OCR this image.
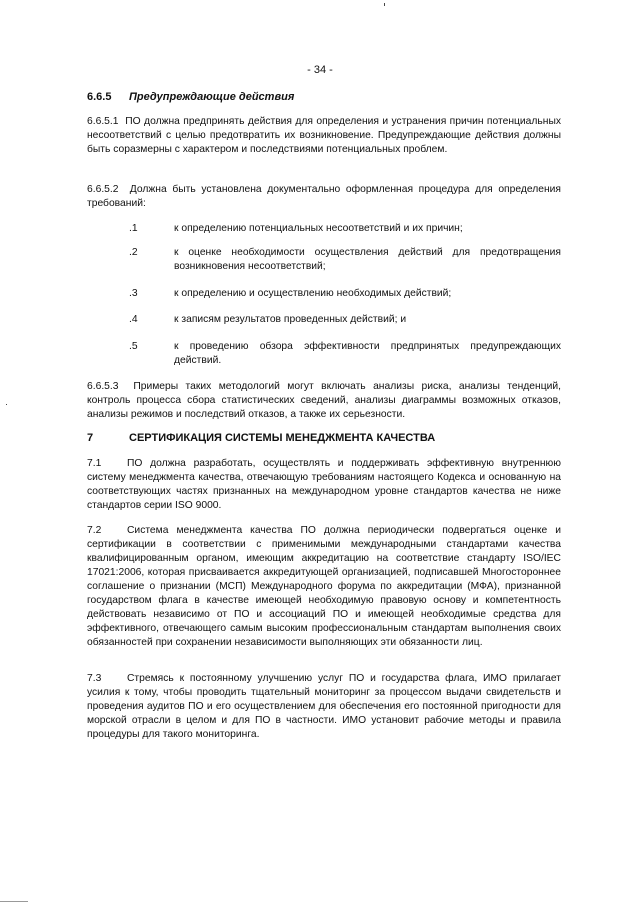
- 34 -
6.6.5 Предупреждающие действия
6.6.5.1 ПО должна предпринять действия для определения и устранения причин потенциальных несоответствий с целью предотвратить их возникновение. Предупреждающие действия должны быть соразмерны с характером и последствиями потенциальных проблем.
6.6.5.2 Должна быть установлена документально оформленная процедура для определения требований:
.1	к определению потенциальных несоответствий и их причин;
.2	к оценке необходимости осуществления действий для предотвращения возникновения несоответствий;
.3	к определению и осуществлению необходимых действий;
.4	к записям результатов проведенных действий; и
.5	к проведению обзора эффективности предпринятых предупреждающих действий.
6.6.5.3 Примеры таких методологий могут включать анализы риска, анализы тенденций, контроль процесса сбора статистических сведений, анализы диаграммы возможных отказов, анализы режимов и последствий отказов, а также их серьезности.
7	СЕРТИФИКАЦИЯ СИСТЕМЫ МЕНЕДЖМЕНТА КАЧЕСТВА
7.1 ПО должна разработать, осуществлять и поддерживать эффективную внутреннюю систему менеджмента качества, отвечающую требованиям настоящего Кодекса и основанную на соответствующих частях признанных на международном уровне стандартов качества не ниже стандартов серии ISO 9000.
7.2 Система менеджмента качества ПО должна периодически подвергаться оценке и сертификации в соответствии с применимыми международными стандартами качества квалифицированным органом, имеющим аккредитацию на соответствие стандарту ISO/IEC 17021:2006, которая присваивается аккредитующей организацией, подписавшей Многостороннее соглашение о признании (МСП) Международного форума по аккредитации (МФА), признанной государством флага в качестве имеющей необходимую правовую основу и компетентность действовать независимо от ПО и ассоциаций ПО и имеющей необходимые средства для эффективного, отвечающего самым высоким профессиональным стандартам выполнения своих обязанностей при сохранении независимости выполняющих эти обязанности лиц.
7.3 Стремясь к постоянному улучшению услуг ПО и государства флага, ИМО прилагает усилия к тому, чтобы проводить тщательный мониторинг за процессом выдачи свидетельств и проведения аудитов ПО и его осуществлением для обеспечения его постоянной пригодности для морской отрасли в целом и для ПО в частности. ИМО установит рабочие методы и правила процедуры для такого мониторинга.
